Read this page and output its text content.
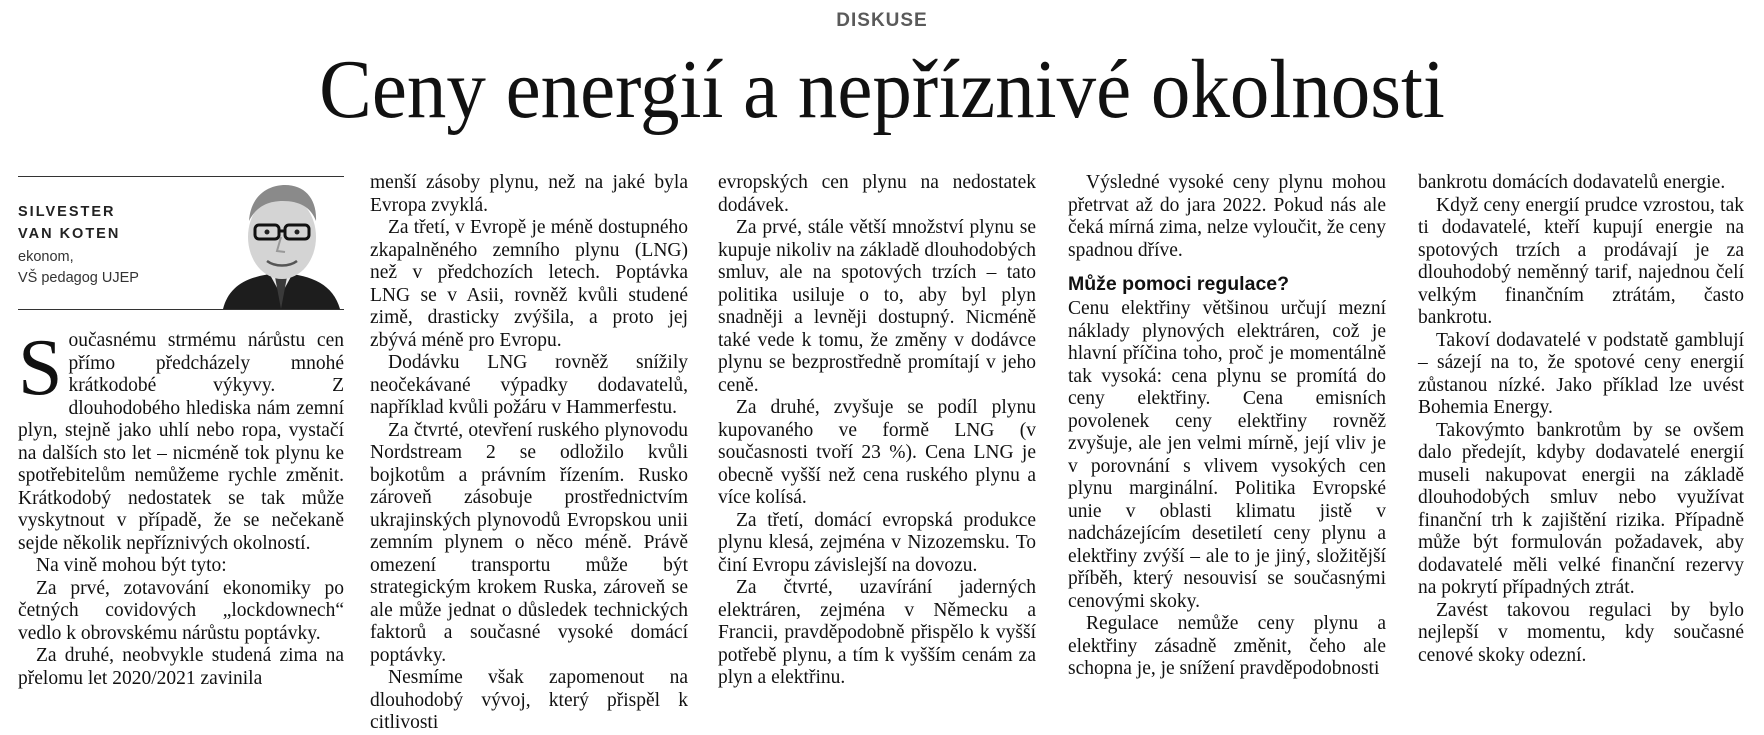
DISKUSE
Ceny energií a nepříznivé okolnosti
SILVESTER
VAN KOTEN
ekonom,
VŠ pedagog UJEP

Současnému strmému nárůstu cen přímo předcházely mnohé krátkodobé výkyvy. Z dlouhodobého hlediska nám zemní plyn, stejně jako uhlí nebo ropa, vystačí na dalších sto let – nicméně tok plynu ke spotřebitelům nemůžeme rychle změnit. Krátkodobý nedostatek se tak může vyskytnout v případě, že se nečekaně sejde několik nepříznivých okolností.

Na vině mohou být tyto:

Za prvé, zotavování ekonomiky po četných covidových „lockdownech“ vedlo k obrovskému nárůstu poptávky.

Za druhé, neobvykle studená zima na přelomu let 2020/2021 zavinila

menší zásoby plynu, než na jaké byla Evropa zvyklá.

Za třetí, v Evropě je méně dostupného zkapalněného zemního plynu (LNG) než v předchozích letech. Poptávka LNG se v Asii, rovněž kvůli studené zimě, drasticky zvýšila, a proto jej zbývá méně pro Evropu.

Dodávku LNG rovněž snížily neočekávané výpadky dodavatelů, například kvůli požáru v Hammerfestu.

Za čtvrté, otevření ruského plynovodu Nordstream 2 se odložilo kvůli bojkotům a právním řízením. Rusko zároveň zásobuje prostřednictvím ukrajinských plynovodů Evropskou unii zemním plynem o něco méně. Právě omezení transportu může být strategickým krokem Ruska, zároveň se ale může jednat o důsledek technických faktorů a současné vysoké domácí poptávky.

Nesmíme však zapomenout na dlouhodobý vývoj, který přispěl k citlivosti

evropských cen plynu na nedostatek dodávek.

Za prvé, stále větší množství plynu se kupuje nikoliv na základě dlouhodobých smluv, ale na spotových trzích – tato politika usiluje o to, aby byl plyn snadněji a levněji dostupný. Nicméně také vede k tomu, že změny v dodávce plynu se bezprostředně promítají v jeho ceně.

Za druhé, zvyšuje se podíl plynu kupovaného ve formě LNG (v současnosti tvoří 23 %). Cena LNG je obecně vyšší než cena ruského plynu a více kolísá.

Za třetí, domácí evropská produkce plynu klesá, zejména v Nizozemsku. To činí Evropu závislejší na dovozu.

Za čtvrté, uzavírání jaderných elektráren, zejména v Německu a Francii, pravděpodobně přispělo k vyšší potřebě plynu, a tím k vyšším cenám za plyn a elektřinu.

Výsledné vysoké ceny plynu mohou přetrvat až do jara 2022. Pokud nás ale čeká mírná zima, nelze vyloučit, že ceny spadnou dříve.

Může pomoci regulace?

Cenu elektřiny většinou určují mezní náklady plynových elektráren, což je hlavní příčina toho, proč je momentálně tak vysoká: cena plynu se promítá do ceny elektřiny. Cena emisních povolenek ceny elektřiny rovněž zvyšuje, ale jen velmi mírně, její vliv je v porovnání s vlivem vysokých cen plynu marginální. Politika Evropské unie v oblasti klimatu jistě v nadcházejícím desetiletí ceny plynu a elektřiny zvýší – ale to je jiný, složitější příběh, který nesouvisí se současnými cenovými skoky.

Regulace nemůže ceny plynu a elektřiny zásadně změnit, čeho ale schopna je, je snížení pravděpodobnosti

bankrotu domácích dodavatelů energie.

Když ceny energií prudce vzrostou, tak ti dodavatelé, kteří kupují energie na spotových trzích a prodávají je za dlouhodobý neměnný tarif, najednou čelí velkým finančním ztrátám, často bankrotu.

Takoví dodavatelé v podstatě gamblují – sázejí na to, že spotové ceny energií zůstanou nízké. Jako příklad lze uvést Bohemia Energy.

Takovýmto bankrotům by se ovšem dalo předejít, kdyby dodavatelé energií museli nakupovat energii na základě dlouhodobých smluv nebo využívat finanční trh k zajištění rizika. Případně může být formulován požadavek, aby dodavatelé měli velké finanční rezervy na pokrytí případných ztrát.

Zavést takovou regulaci by bylo nejlepší v momentu, kdy současné cenové skoky odezní.
